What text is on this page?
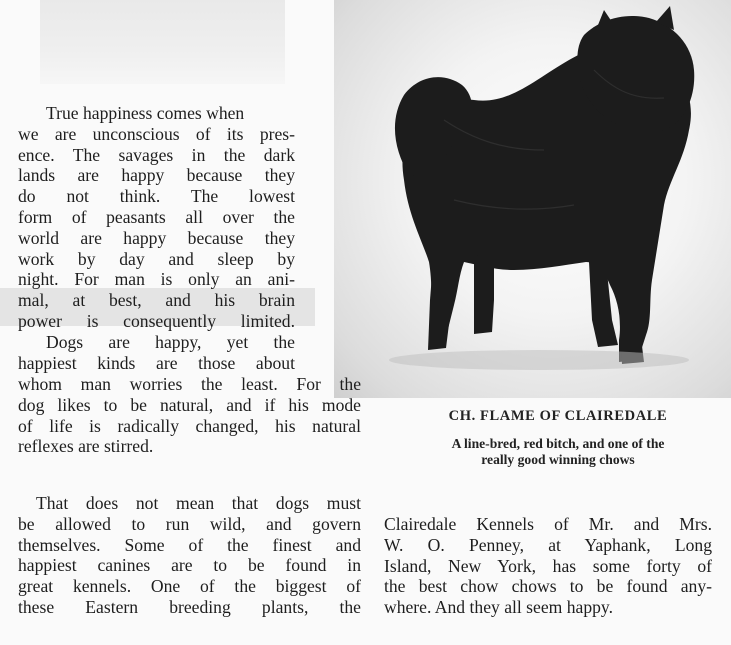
True happiness comes when
we are unconscious of its pres-
ence. The savages in the dark
lands are happy because they
do not think. The lowest
form of peasants all over the
world are happy because they
work by day and sleep by
night. For man is only an ani-
mal, at best, and his brain
power is consequently limited.
Dogs are happy, yet the
happiest kinds are those about
whom man worries the least. For the
dog likes to be natural, and if his mode
of life is radically changed, his natural
reflexes are stirred.
That does not mean that dogs must
be allowed to run wild, and govern
themselves. Some of the finest and
happiest canines are to be found in
great kennels. One of the biggest of
these Eastern breeding plants, the
Clairedale Kennels of Mr. and Mrs.
W. O. Penney, at Yaphank, Long
Island, New York, has some forty of
the best chow chows to be found any-
where. And they all seem happy.
CH. FLAME OF CLAIREDALE
A line-bred, red bitch, and one of the
really good winning chows
